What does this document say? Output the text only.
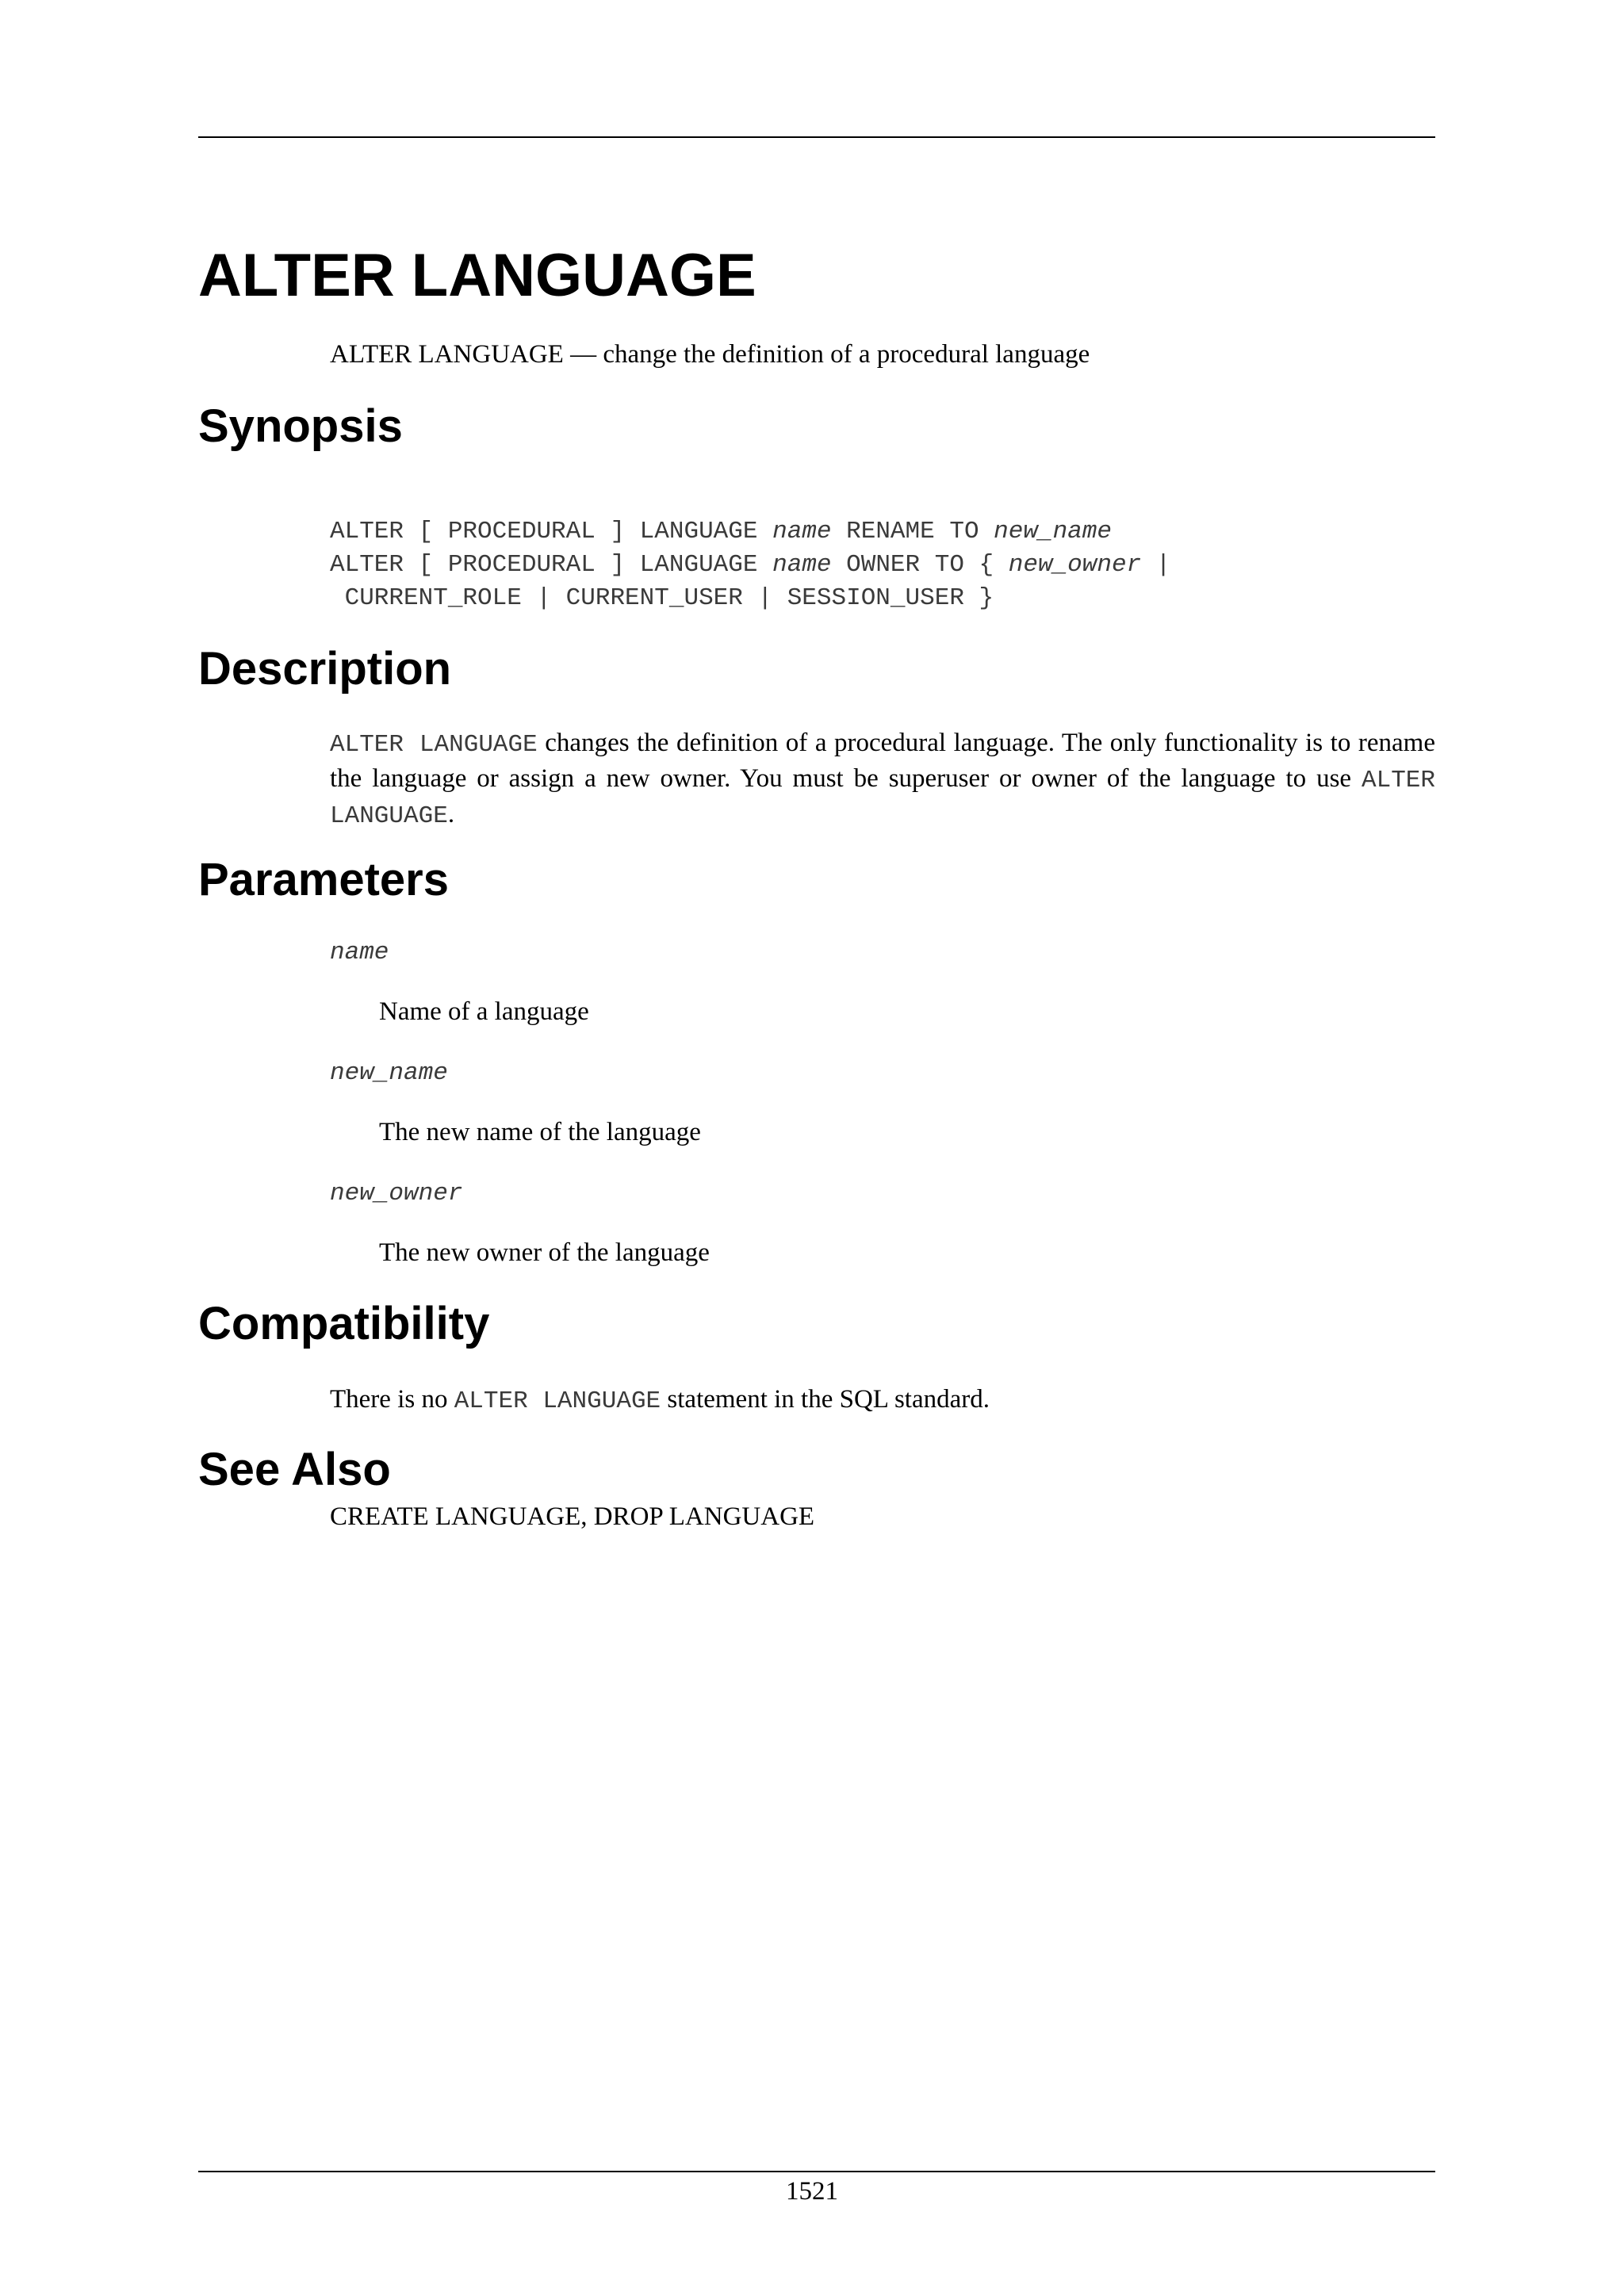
ALTER LANGUAGE
ALTER LANGUAGE — change the definition of a procedural language
Synopsis
ALTER [ PROCEDURAL ] LANGUAGE name RENAME TO new_name
ALTER [ PROCEDURAL ] LANGUAGE name OWNER TO { new_owner |
CURRENT_ROLE | CURRENT_USER | SESSION_USER }
Description
ALTER LANGUAGE changes the definition of a procedural language. The only functionality is to rename the language or assign a new owner. You must be superuser or owner of the language to use ALTER LANGUAGE.
Parameters
name
Name of a language
new_name
The new name of the language
new_owner
The new owner of the language
Compatibility
There is no ALTER LANGUAGE statement in the SQL standard.
See Also
CREATE LANGUAGE, DROP LANGUAGE
1521
